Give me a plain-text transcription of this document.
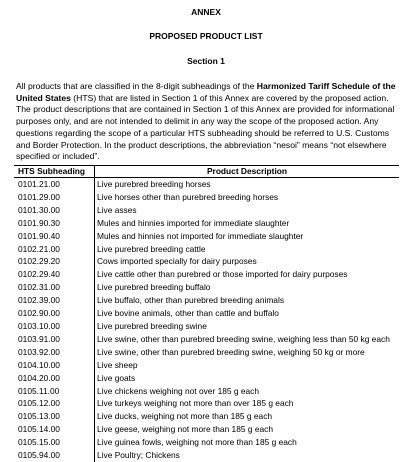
ANNEX
PROPOSED PRODUCT LIST
Section 1
All products that are classified in the 8-digit subheadings of the Harmonized Tariff Schedule of the United States (HTS) that are listed in Section 1 of this Annex are covered by the proposed action. The product descriptions that are contained in Section 1 of this Annex are provided for informational purposes only, and are not intended to delimit in any way the scope of the proposed action. Any questions regarding the scope of a particular HTS subheading should be referred to U.S. Customs and Border Protection. In the product descriptions, the abbreviation “nesoi” means “not elsewhere specified or included”.
HTS Subheading	Product Description
0101.21.00	Live purebred breeding horses
0101.29.00	Live horses other than purebred breeding horses
0101.30.00	Live asses
0101.90.30	Mules and hinnies imported for immediate slaughter
0101.90.40	Mules and hinnies not imported for immediate slaughter
0102.21.00	Live purebred breeding cattle
0102.29.20	Cows imported specially for dairy purposes
0102.29.40	Live cattle other than purebred or those imported for dairy purposes
0102.31.00	Live purebred breeding buffalo
0102.39.00	Live buffalo, other than purebred breeding animals
0102.90.00	Live bovine animals, other than cattle and buffalo
0103.10.00	Live purebred breeding swine
0103.91.00	Live swine, other than purebred breeding swine, weighing less than 50 kg each
0103.92.00	Live swine, other than purebred breeding swine, weighing 50 kg or more
0104.10.00	Live sheep
0104.20.00	Live goats
0105.11.00	Live chickens weighing not over 185 g each
0105.12.00	Live turkeys weighing not more than over 185 g each
0105.13.00	Live ducks, weighing not more than 185 g each
0105.14.00	Live geese, weighing not more than 185 g each
0105.15.00	Live guinea fowls, weighing not more than 185 g each
0105.94.00	Live Poultry; Chickens
